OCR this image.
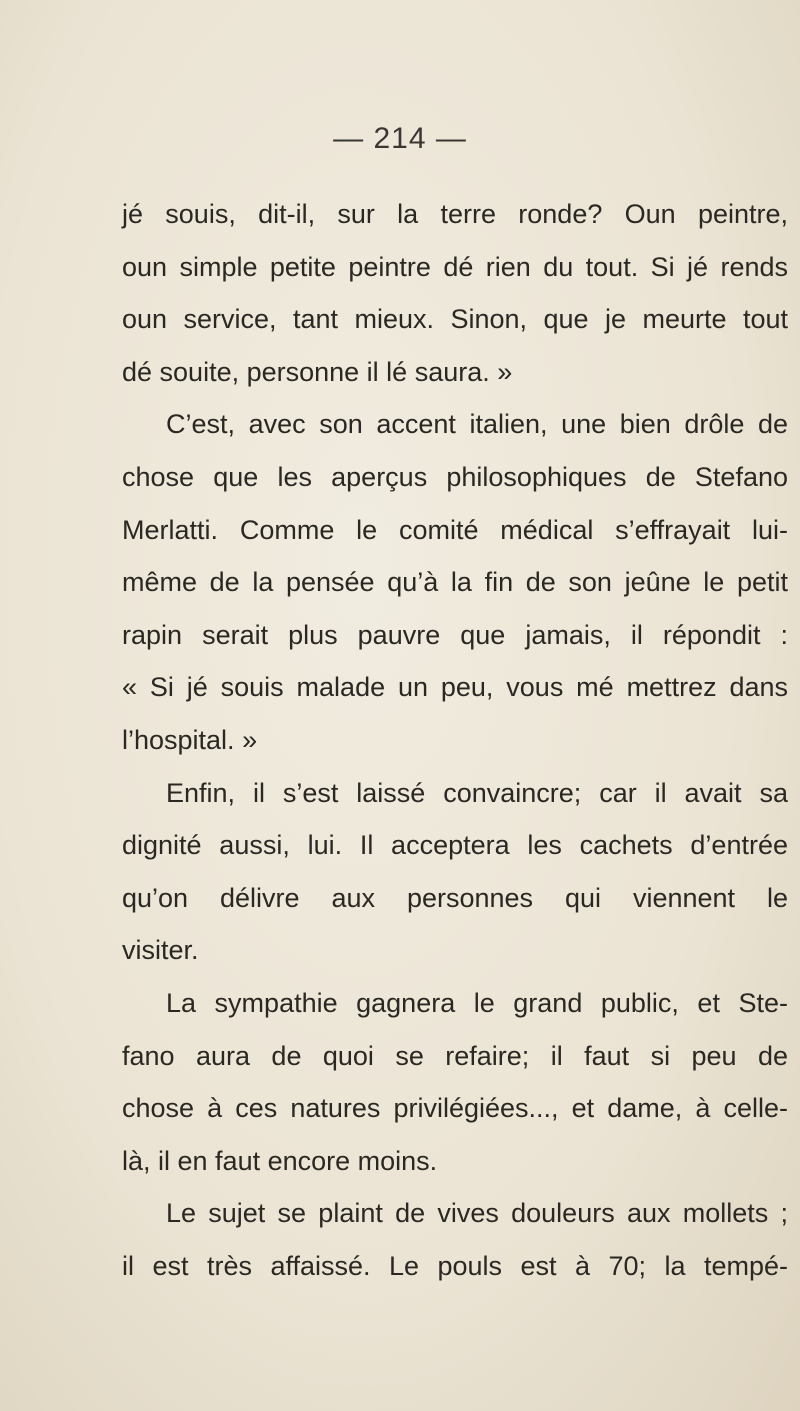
— 214 —
jé souis, dit-il, sur la terre ronde? Oun peintre,
oun simple petite peintre dé rien du tout. Si jé rends
oun service, tant mieux. Sinon, que je meurte tout
dé souite, personne il lé saura. »
C’est, avec son accent italien, une bien drôle de
chose que les aperçus philosophiques de Stefano
Merlatti. Comme le comité médical s’effrayait lui-
même de la pensée qu’à la fin de son jeûne le petit
rapin serait plus pauvre que jamais, il répondit :
« Si jé souis malade un peu, vous mé mettrez dans
l’hospital. »
Enfin, il s’est laissé convaincre; car il avait sa
dignité aussi, lui. Il acceptera les cachets d’entrée
qu’on délivre aux personnes qui viennent le
visiter.
La sympathie gagnera le grand public, et Ste-
fano aura de quoi se refaire; il faut si peu de
chose à ces natures privilégiées..., et dame, à celle-
là, il en faut encore moins.
Le sujet se plaint de vives douleurs aux mollets ;
il est très affaissé. Le pouls est à 70; la tempé-
